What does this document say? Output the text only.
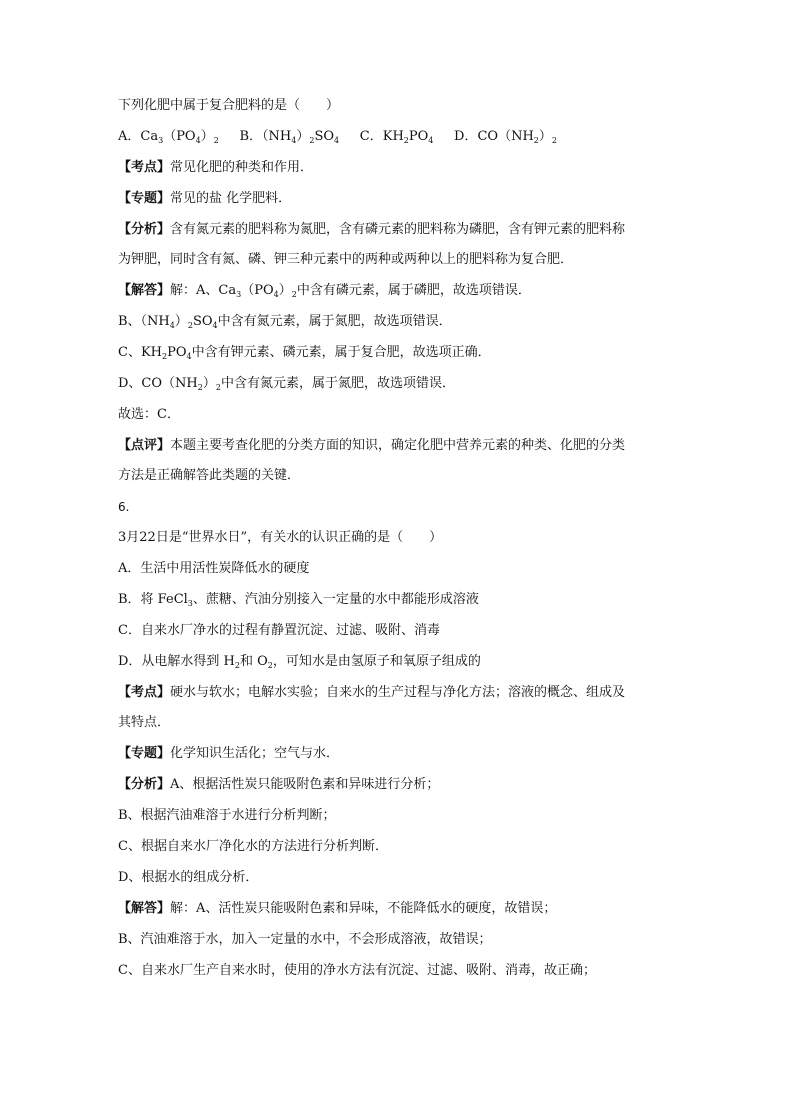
下列化肥中属于复合肥料的是（　　）
A．$Ca_3(PO_4)_2$ B．$(NH_4)_2SO_4$ C．$KH_2PO_4$ D．$CO(NH_2)_2$
【考点】常见化肥的种类和作用．
【专题】常见的盐 化学肥料．
【分析】含有氮元素的肥料称为氮肥，含有磷元素的肥料称为磷肥，含有钾元素的肥料称
为钾肥，同时含有氮、磷、钾三种元素中的两种或两种以上的肥料称为复合肥．
【解答】解：A、$Ca_3(PO_4)_2$中含有磷元素，属于磷肥，故选项错误．
B、$(NH_4)_2SO_4$中含有氮元素，属于氮肥，故选项错误．
C、$KH_2PO_4$中含有钾元素、磷元素，属于复合肥，故选项正确．
D、$CO(NH_2)_2$中含有氮元素，属于氮肥，故选项错误．
故选：C．
【点评】本题主要考查化肥的分类方面的知识，确定化肥中营养元素的种类、化肥的分类
方法是正确解答此类题的关键．
6.
3月22日是“世界水日”，有关水的认识正确的是（　　）
A．生活中用活性炭降低水的硬度
B．将 FeCl$_3$、蔗糖、汽油分别接入一定量的水中都能形成溶液
C．自来水厂净水的过程有静置沉淀、过滤、吸附、消毒
D．从电解水得到 $H_2$和 $O_2$，可知水是由氢原子和氧原子组成的
【考点】硬水与软水；电解水实验；自来水的生产过程与净化方法；溶液的概念、组成及
其特点．
【专题】化学知识生活化；空气与水．
【分析】A、根据活性炭只能吸附色素和异味进行分析；
B、根据汽油难溶于水进行分析判断；
C、根据自来水厂净化水的方法进行分析判断．
D、根据水的组成分析．
【解答】解：A、活性炭只能吸附色素和异味，不能降低水的硬度，故错误；
B、汽油难溶于水，加入一定量的水中，不会形成溶液，故错误；
C、自来水厂生产自来水时，使用的净水方法有沉淀、过滤、吸附、消毒，故正确；
